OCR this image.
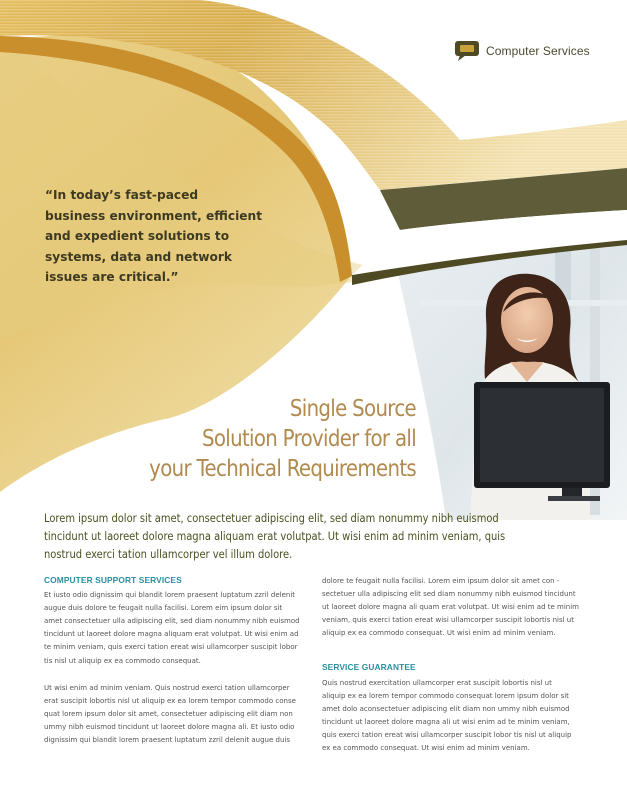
Computer Services
“In today’s fast-paced
business environment, efficient
and expedient solutions to
systems, data and network
issues are critical.”
Single Source
Solution Provider for all
your Technical Requirements
Lorem ipsum dolor sit amet, consectetuer adipiscing elit, sed diam nonummy nibh euismod
tincidunt ut laoreet dolore magna aliquam erat volutpat. Ut wisi enim ad minim veniam, quis
nostrud exerci tation ullamcorper vel illum dolore.
COMPUTER SUPPORT SERVICES
Et iusto odio dignissim qui blandit lorem praesent luptatum zzril delenit
augue duis dolore te feugait nulla facilisi. Lorem eim ipsum dolor sit
amet consectetuer ulla adipiscing elit, sed diam nonummy nibh euismod
tincidunt ut laoreet dolore magna aliquam erat volutpat. Ut wisi enim ad
te minim veniam, quis exerci tation ereat wisi ullamcorper suscipit lobor
tis nisl ut aliquip ex ea commodo consequat.
Ut wisi enim ad minim veniam. Quis nostrud exerci tation ullamcorper
erat suscipit lobortis nisl ut aliquip ex ea lorem tempor commodo conse
quat lorem ipsum dolor sit amet, consectetuer adipiscing elit diam non
ummy nibh euismod tincidunt ut laoreet dolore magna ali. Et iusto odio
dignissim qui blandit lorem praesent luptatum zzril delenit augue duis
dolore te feugait nulla facilisi. Lorem eim ipsum dolor sit amet con -
sectetuer ulla adipiscing elit sed diam nonummy nibh euismod tincidunt
ut laoreet dolore magna ali quam erat volutpat. Ut wisi enim ad te minim
veniam, quis exerci tation ereat wisi ullamcorper suscipit lobortis nisl ut
aliquip ex ea commodo consequat. Ut wisi enim ad minim veniam.
SERVICE GUARANTEE
Quis nostrud exercitation ullamcorper erat suscipit lobortis nisl ut
aliquip ex ea lorem tempor commodo consequat lorem ipsum dolor sit
amet dolo aconsectetuer adipiscing elit diam non ummy nibh euismod
tincidunt ut laoreet dolore magna ali ut wisi enim ad te minim veniam,
quis exerci tation ereat wisi ullamcorper suscipit lobor tis nisl ut aliquip
ex ea commodo consequat. Ut wisi enim ad minim veniam.
